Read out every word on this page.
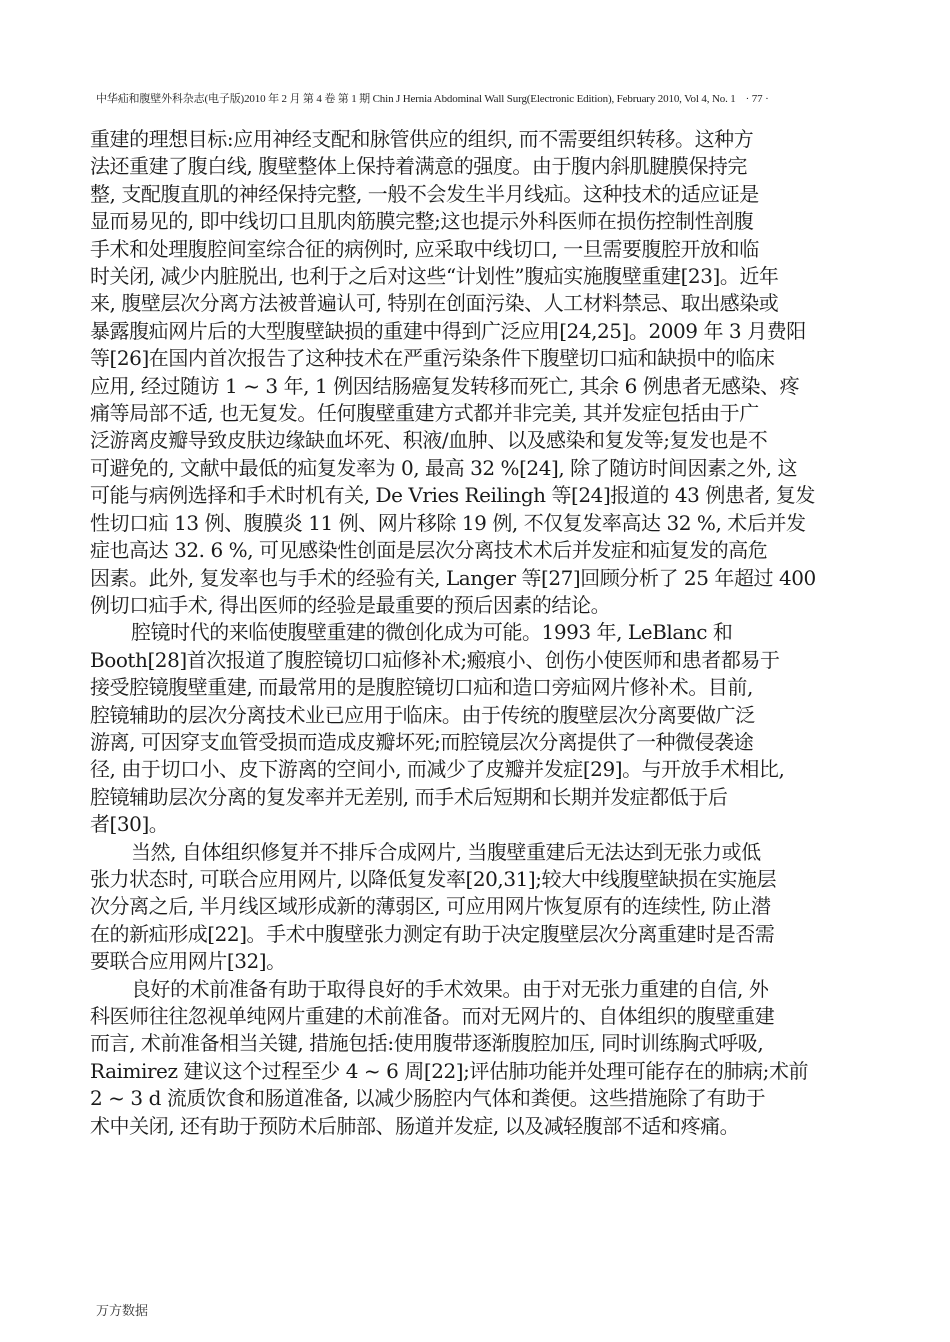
中华疝和腹壁外科杂志(电子版)2010 年 2 月 第 4 卷 第 1 期 Chin J Hernia Abdominal Wall Surg(Electronic Edition), February 2010, Vol 4, No. 1 · 77 ·

重建的理想目标:应用神经支配和脉管供应的组织, 而不需要组织转移。这种方
法还重建了腹白线, 腹壁整体上保持着满意的强度。由于腹内斜肌腱膜保持完
整, 支配腹直肌的神经保持完整, 一般不会发生半月线疝。这种技术的适应证是
显而易见的, 即中线切口且肌肉筋膜完整;这也提示外科医师在损伤控制性剖腹
手术和处理腹腔间室综合征的病例时, 应采取中线切口, 一旦需要腹腔开放和临
时关闭, 减少内脏脱出, 也利于之后对这些“计划性”腹疝实施腹壁重建[23]。近年
来, 腹壁层次分离方法被普遍认可, 特别在创面污染、人工材料禁忌、取出感染或
暴露腹疝网片后的大型腹壁缺损的重建中得到广泛应用[24,25]。2009 年 3 月费阳
等[26]在国内首次报告了这种技术在严重污染条件下腹壁切口疝和缺损中的临床
应用, 经过随访 1 ~ 3 年, 1 例因结肠癌复发转移而死亡, 其余 6 例患者无感染、疼
痛等局部不适, 也无复发。任何腹壁重建方式都并非完美, 其并发症包括由于广
泛游离皮瓣导致皮肤边缘缺血坏死、积液/血肿、以及感染和复发等;复发也是不
可避免的, 文献中最低的疝复发率为 0, 最高 32 %[24], 除了随访时间因素之外, 这
可能与病例选择和手术时机有关, De Vries Reilingh 等[24]报道的 43 例患者, 复发
性切口疝 13 例、腹膜炎 11 例、网片移除 19 例, 不仅复发率高达 32 %, 术后并发
症也高达 32. 6 %, 可见感染性创面是层次分离技术术后并发症和疝复发的高危
因素。此外, 复发率也与手术的经验有关, Langer 等[27]回顾分析了 25 年超过 400
例切口疝手术, 得出医师的经验是最重要的预后因素的结论。

腔镜时代的来临使腹壁重建的微创化成为可能。1993 年, LeBlanc 和
Booth[28]首次报道了腹腔镜切口疝修补术;瘢痕小、创伤小使医师和患者都易于
接受腔镜腹壁重建, 而最常用的是腹腔镜切口疝和造口旁疝网片修补术。目前,
腔镜辅助的层次分离技术业已应用于临床。由于传统的腹壁层次分离要做广泛
游离, 可因穿支血管受损而造成皮瓣坏死;而腔镜层次分离提供了一种微侵袭途
径, 由于切口小、皮下游离的空间小, 而减少了皮瓣并发症[29]。与开放手术相比,
腔镜辅助层次分离的复发率并无差别, 而手术后短期和长期并发症都低于后
者[30]。

当然, 自体组织修复并不排斥合成网片, 当腹壁重建后无法达到无张力或低
张力状态时, 可联合应用网片, 以降低复发率[20,31];较大中线腹壁缺损在实施层
次分离之后, 半月线区域形成新的薄弱区, 可应用网片恢复原有的连续性, 防止潜
在的新疝形成[22]。手术中腹壁张力测定有助于决定腹壁层次分离重建时是否需
要联合应用网片[32]。

良好的术前准备有助于取得良好的手术效果。由于对无张力重建的自信, 外
科医师往往忽视单纯网片重建的术前准备。而对无网片的、自体组织的腹壁重建
而言, 术前准备相当关键, 措施包括:使用腹带逐渐腹腔加压, 同时训练胸式呼吸,
Raimirez 建议这个过程至少 4 ~ 6 周[22];评估肺功能并处理可能存在的肺病;术前
2 ~ 3 d 流质饮食和肠道准备, 以减少肠腔内气体和粪便。这些措施除了有助于
术中关闭, 还有助于预防术后肺部、肠道并发症, 以及减轻腹部不适和疼痛。

万方数据
